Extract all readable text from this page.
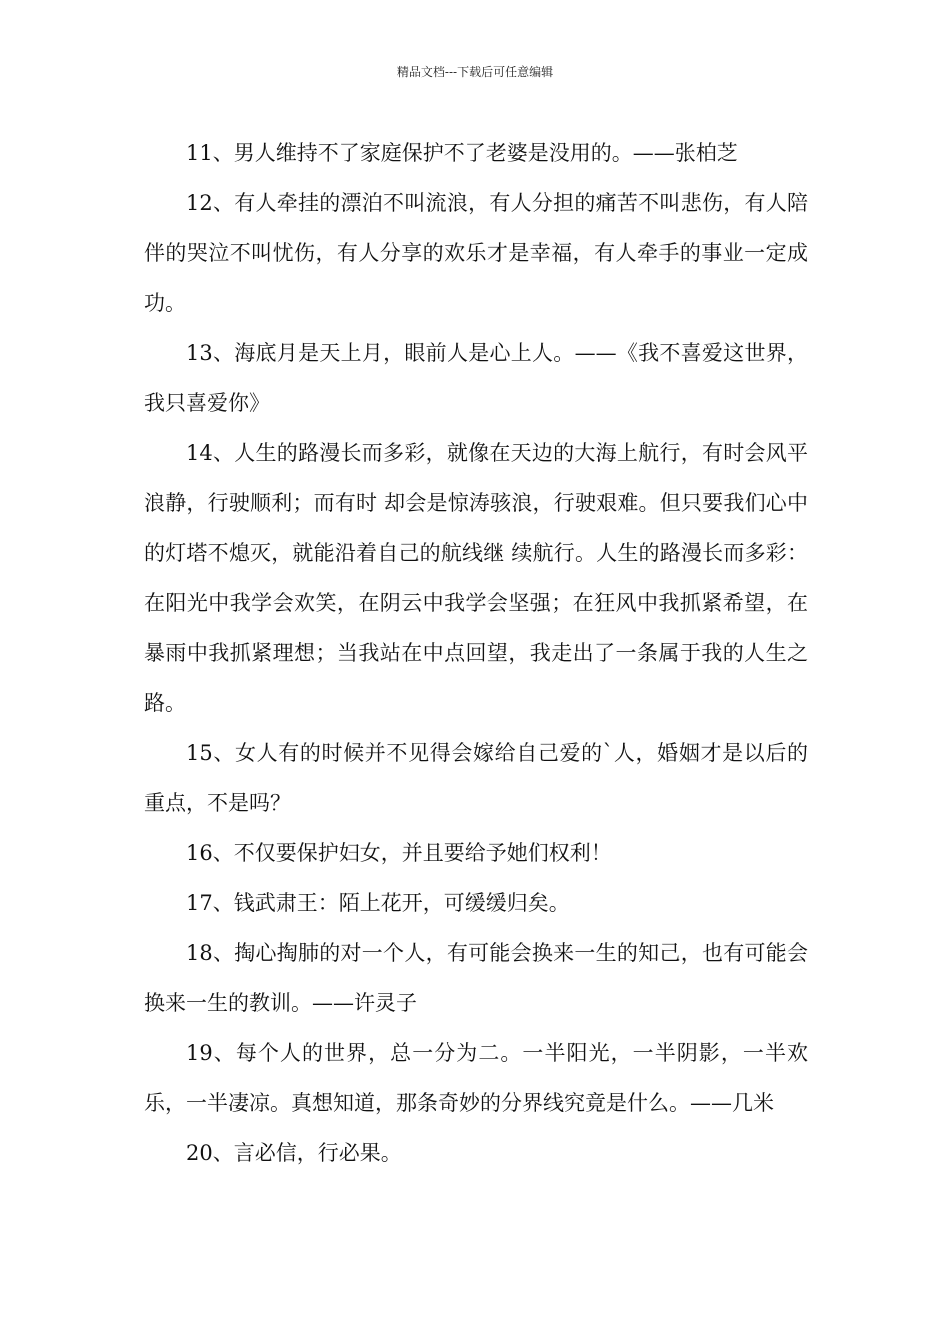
精品文档---下载后可任意编辑

11、男人维持不了家庭保护不了老婆是没用的。——张柏芝

12、有人牵挂的漂泊不叫流浪，有人分担的痛苦不叫悲伤，有人陪伴的哭泣不叫忧伤，有人分享的欢乐才是幸福，有人牵手的事业一定成功。

13、海底月是天上月，眼前人是心上人。——《我不喜爱这世界，我只喜爱你》

14、人生的路漫长而多彩，就像在天边的大海上航行，有时会风平浪静，行驶顺利；而有时 却会是惊涛骇浪，行驶艰难。但只要我们心中的灯塔不熄灭，就能沿着自己的航线继 续航行。人生的路漫长而多彩：在阳光中我学会欢笑，在阴云中我学会坚强；在狂风中我抓紧希望，在暴雨中我抓紧理想；当我站在中点回望，我走出了一条属于我的人生之路。

15、女人有的时候并不见得会嫁给自己爱的`人，婚姻才是以后的重点，不是吗？

16、不仅要保护妇女，并且要给予她们权利！

17、钱武肃王：陌上花开，可缓缓归矣。

18、掏心掏肺的对一个人，有可能会换来一生的知己，也有可能会换来一生的教训。——许灵子

19、每个人的世界，总一分为二。一半阳光，一半阴影，一半欢乐，一半凄凉。真想知道，那条奇妙的分界线究竟是什么。——几米

20、言必信，行必果。
